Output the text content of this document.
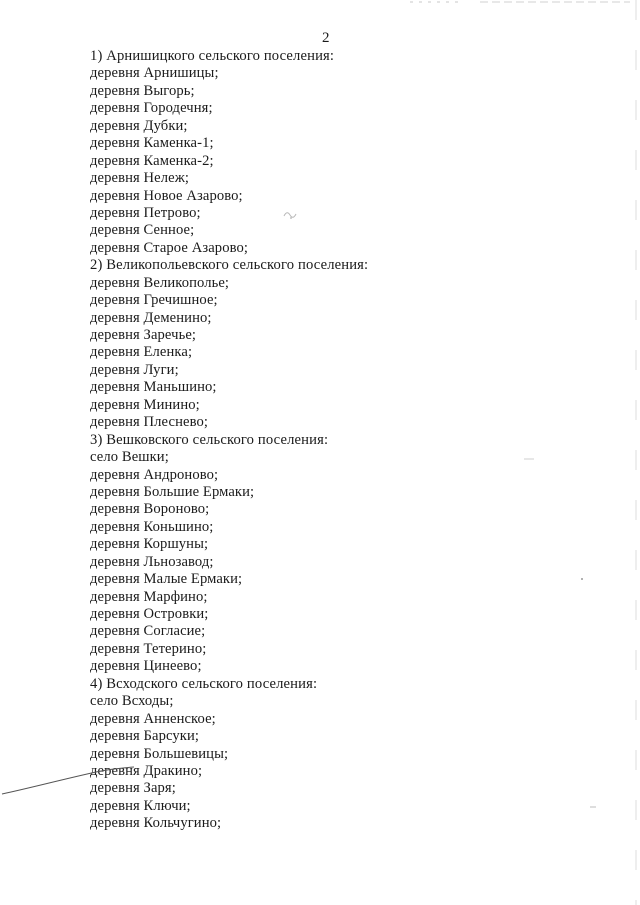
2
1) Арнишицкого сельского поселения:
деревня Арнишицы;
деревня Выгорь;
деревня Городечня;
деревня Дубки;
деревня Каменка-1;
деревня Каменка-2;
деревня Нележ;
деревня Новое Азарово;
деревня Петрово;
деревня Сенное;
деревня Старое Азарово;
2) Великопольевского сельского поселения:
деревня Великополье;
деревня Гречишное;
деревня Деменино;
деревня Заречье;
деревня Еленка;
деревня Луги;
деревня Маньшино;
деревня Минино;
деревня Плеснево;
3) Вешковского сельского поселения:
село Вешки;
деревня Андроново;
деревня Большие Ермаки;
деревня Вороново;
деревня Коньшино;
деревня Коршуны;
деревня Льнозавод;
деревня Малые Ермаки;
деревня Марфино;
деревня Островки;
деревня Согласие;
деревня Тетерино;
деревня Цинеево;
4) Всходского сельского поселения:
село Всходы;
деревня Анненское;
деревня Барсуки;
деревня Большевицы;
деревня Дракино;
деревня Заря;
деревня Ключи;
деревня Кольчугино;
